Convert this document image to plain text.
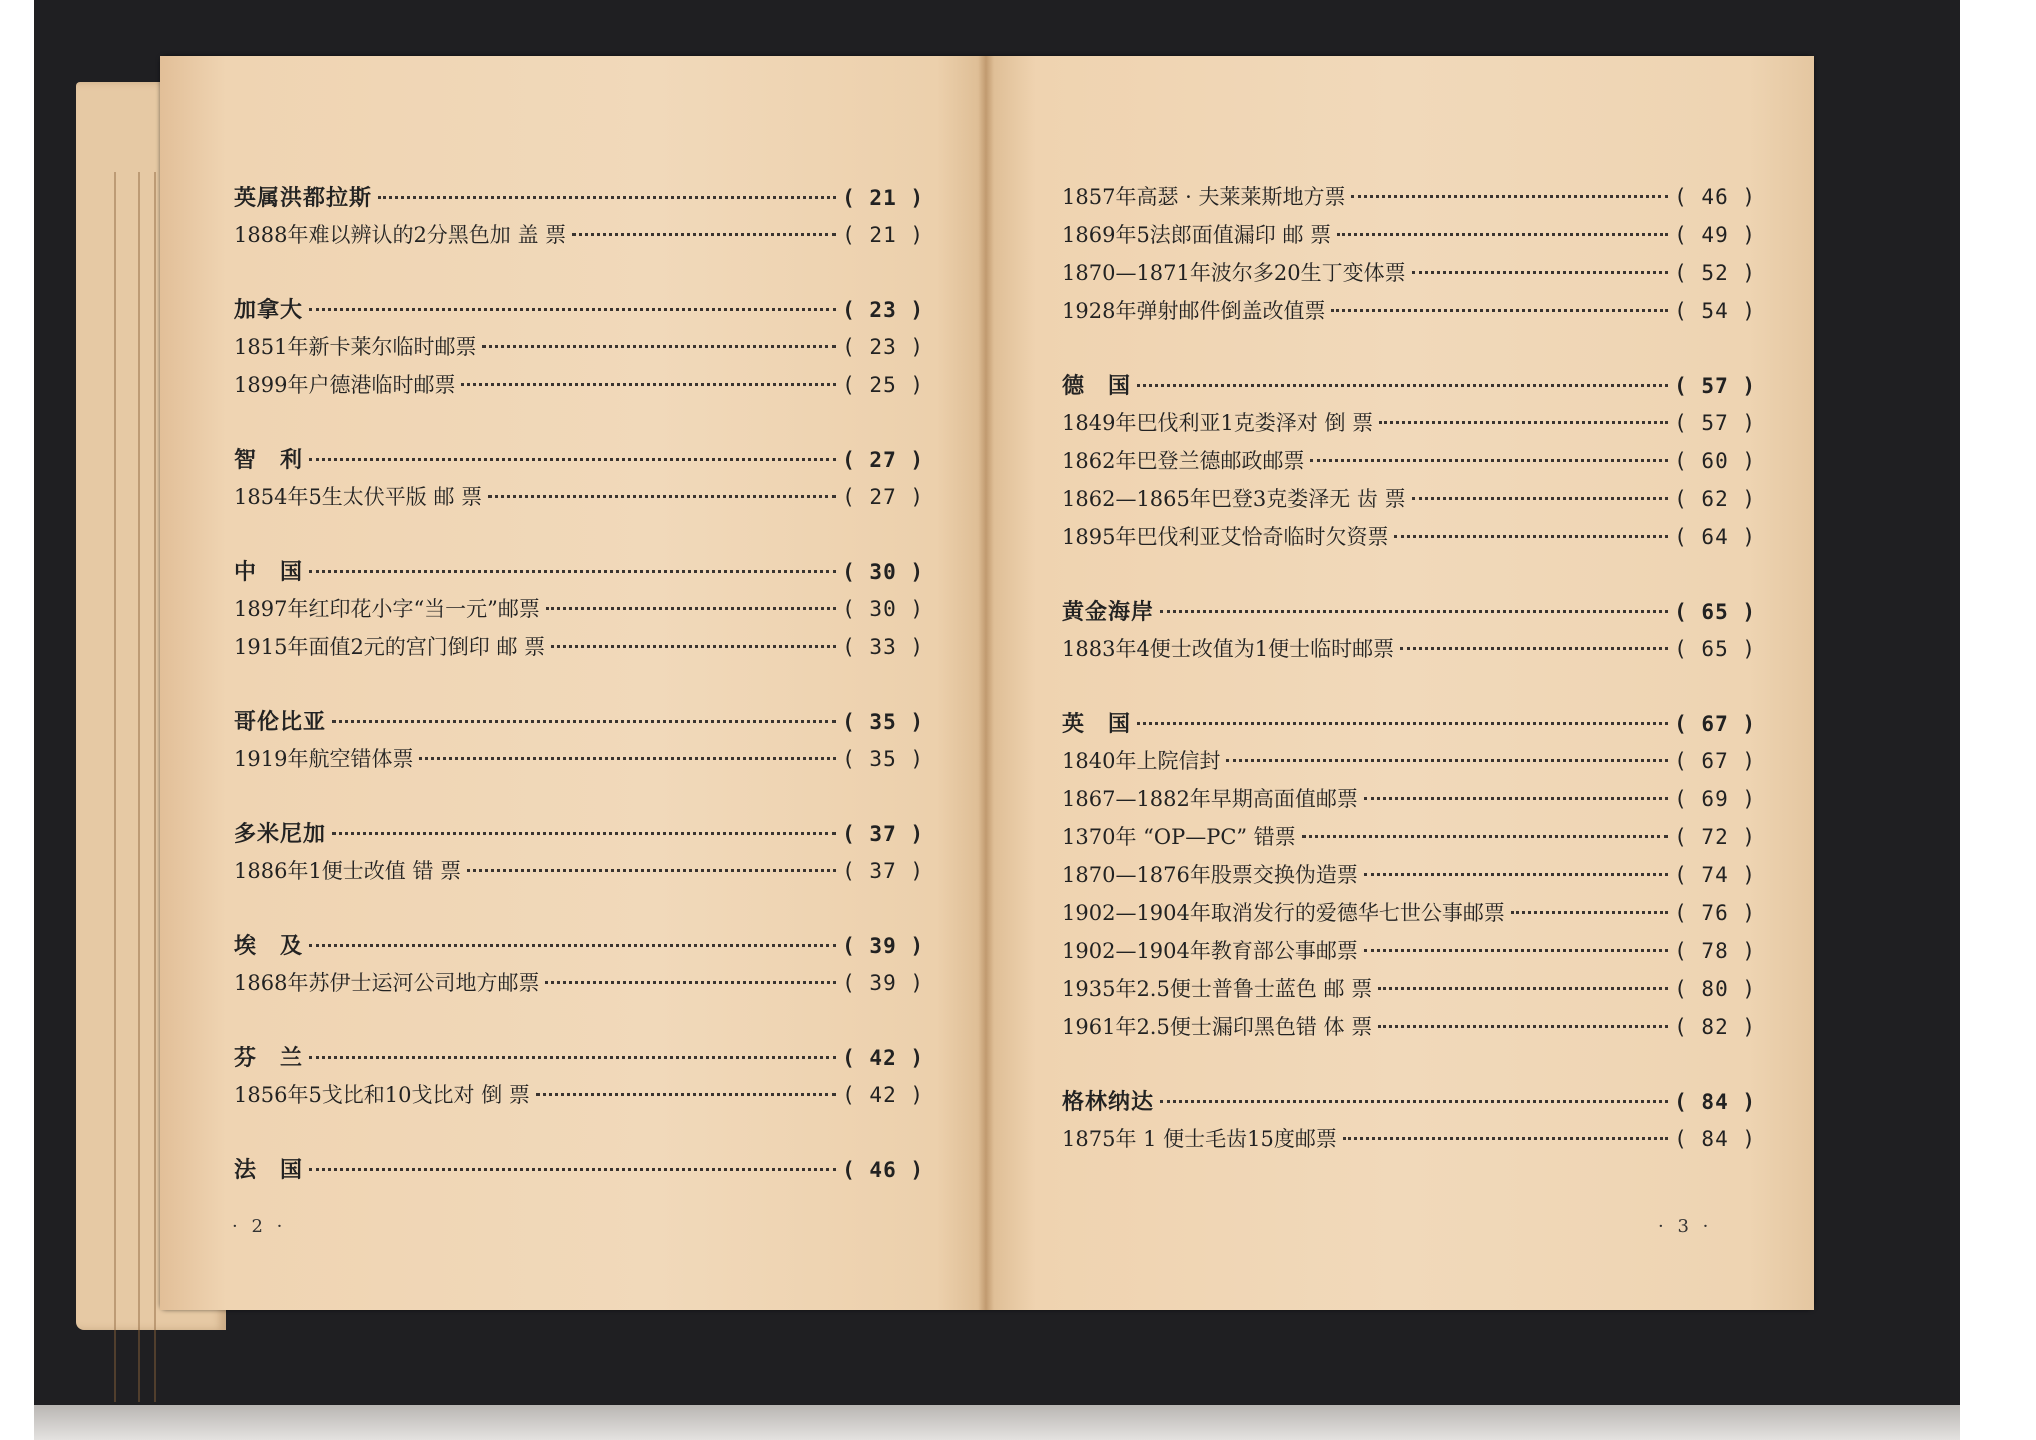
英属洪都拉斯	( 21 )
1888年难以辨认的2分黑色加 盖 票	( 21 )
加拿大	( 23 )
1851年新卡莱尔临时邮票	( 23 )
1899年户德港临时邮票	( 25 )
智　利	( 27 )
1854年5生太伏平版 邮 票	( 27 )
中　国	( 30 )
1897年红印花小字“当一元”邮票	( 30 )
1915年面值2元的宫门倒印 邮 票	( 33 )
哥伦比亚	( 35 )
1919年航空错体票	( 35 )
多米尼加	( 37 )
1886年1便士改值 错 票	( 37 )
埃　及	( 39 )
1868年苏伊士运河公司地方邮票	( 39 )
芬　兰	( 42 )
1856年5戈比和10戈比对 倒 票	( 42 )
法　国	( 46 )
1857年高瑟 · 夫莱莱斯地方票	( 46 )
1869年5法郎面值漏印 邮 票	( 49 )
1870—1871年波尔多20生丁变体票	( 52 )
1928年弹射邮件倒盖改值票	( 54 )
德　国	( 57 )
1849年巴伐利亚1克娄泽对 倒 票	( 57 )
1862年巴登兰德邮政邮票	( 60 )
1862—1865年巴登3克娄泽无 齿 票	( 62 )
1895年巴伐利亚艾恰奇临时欠资票	( 64 )
黄金海岸	( 65 )
1883年4便士改值为1便士临时邮票	( 65 )
英　国	( 67 )
1840年上院信封	( 67 )
1867—1882年早期高面值邮票	( 69 )
1370年 “OP—PC” 错票	( 72 )
1870—1876年股票交换伪造票	( 74 )
1902—1904年取消发行的爱德华七世公事邮票	( 76 )
1902—1904年教育部公事邮票	( 78 )
1935年2.5便士普鲁士蓝色 邮 票	( 80 )
1961年2.5便士漏印黑色错 体 票	( 82 )
格林纳达	( 84 )
1875年 1 便士毛齿15度邮票	( 84 )
· 2 ·	· 3 ·
